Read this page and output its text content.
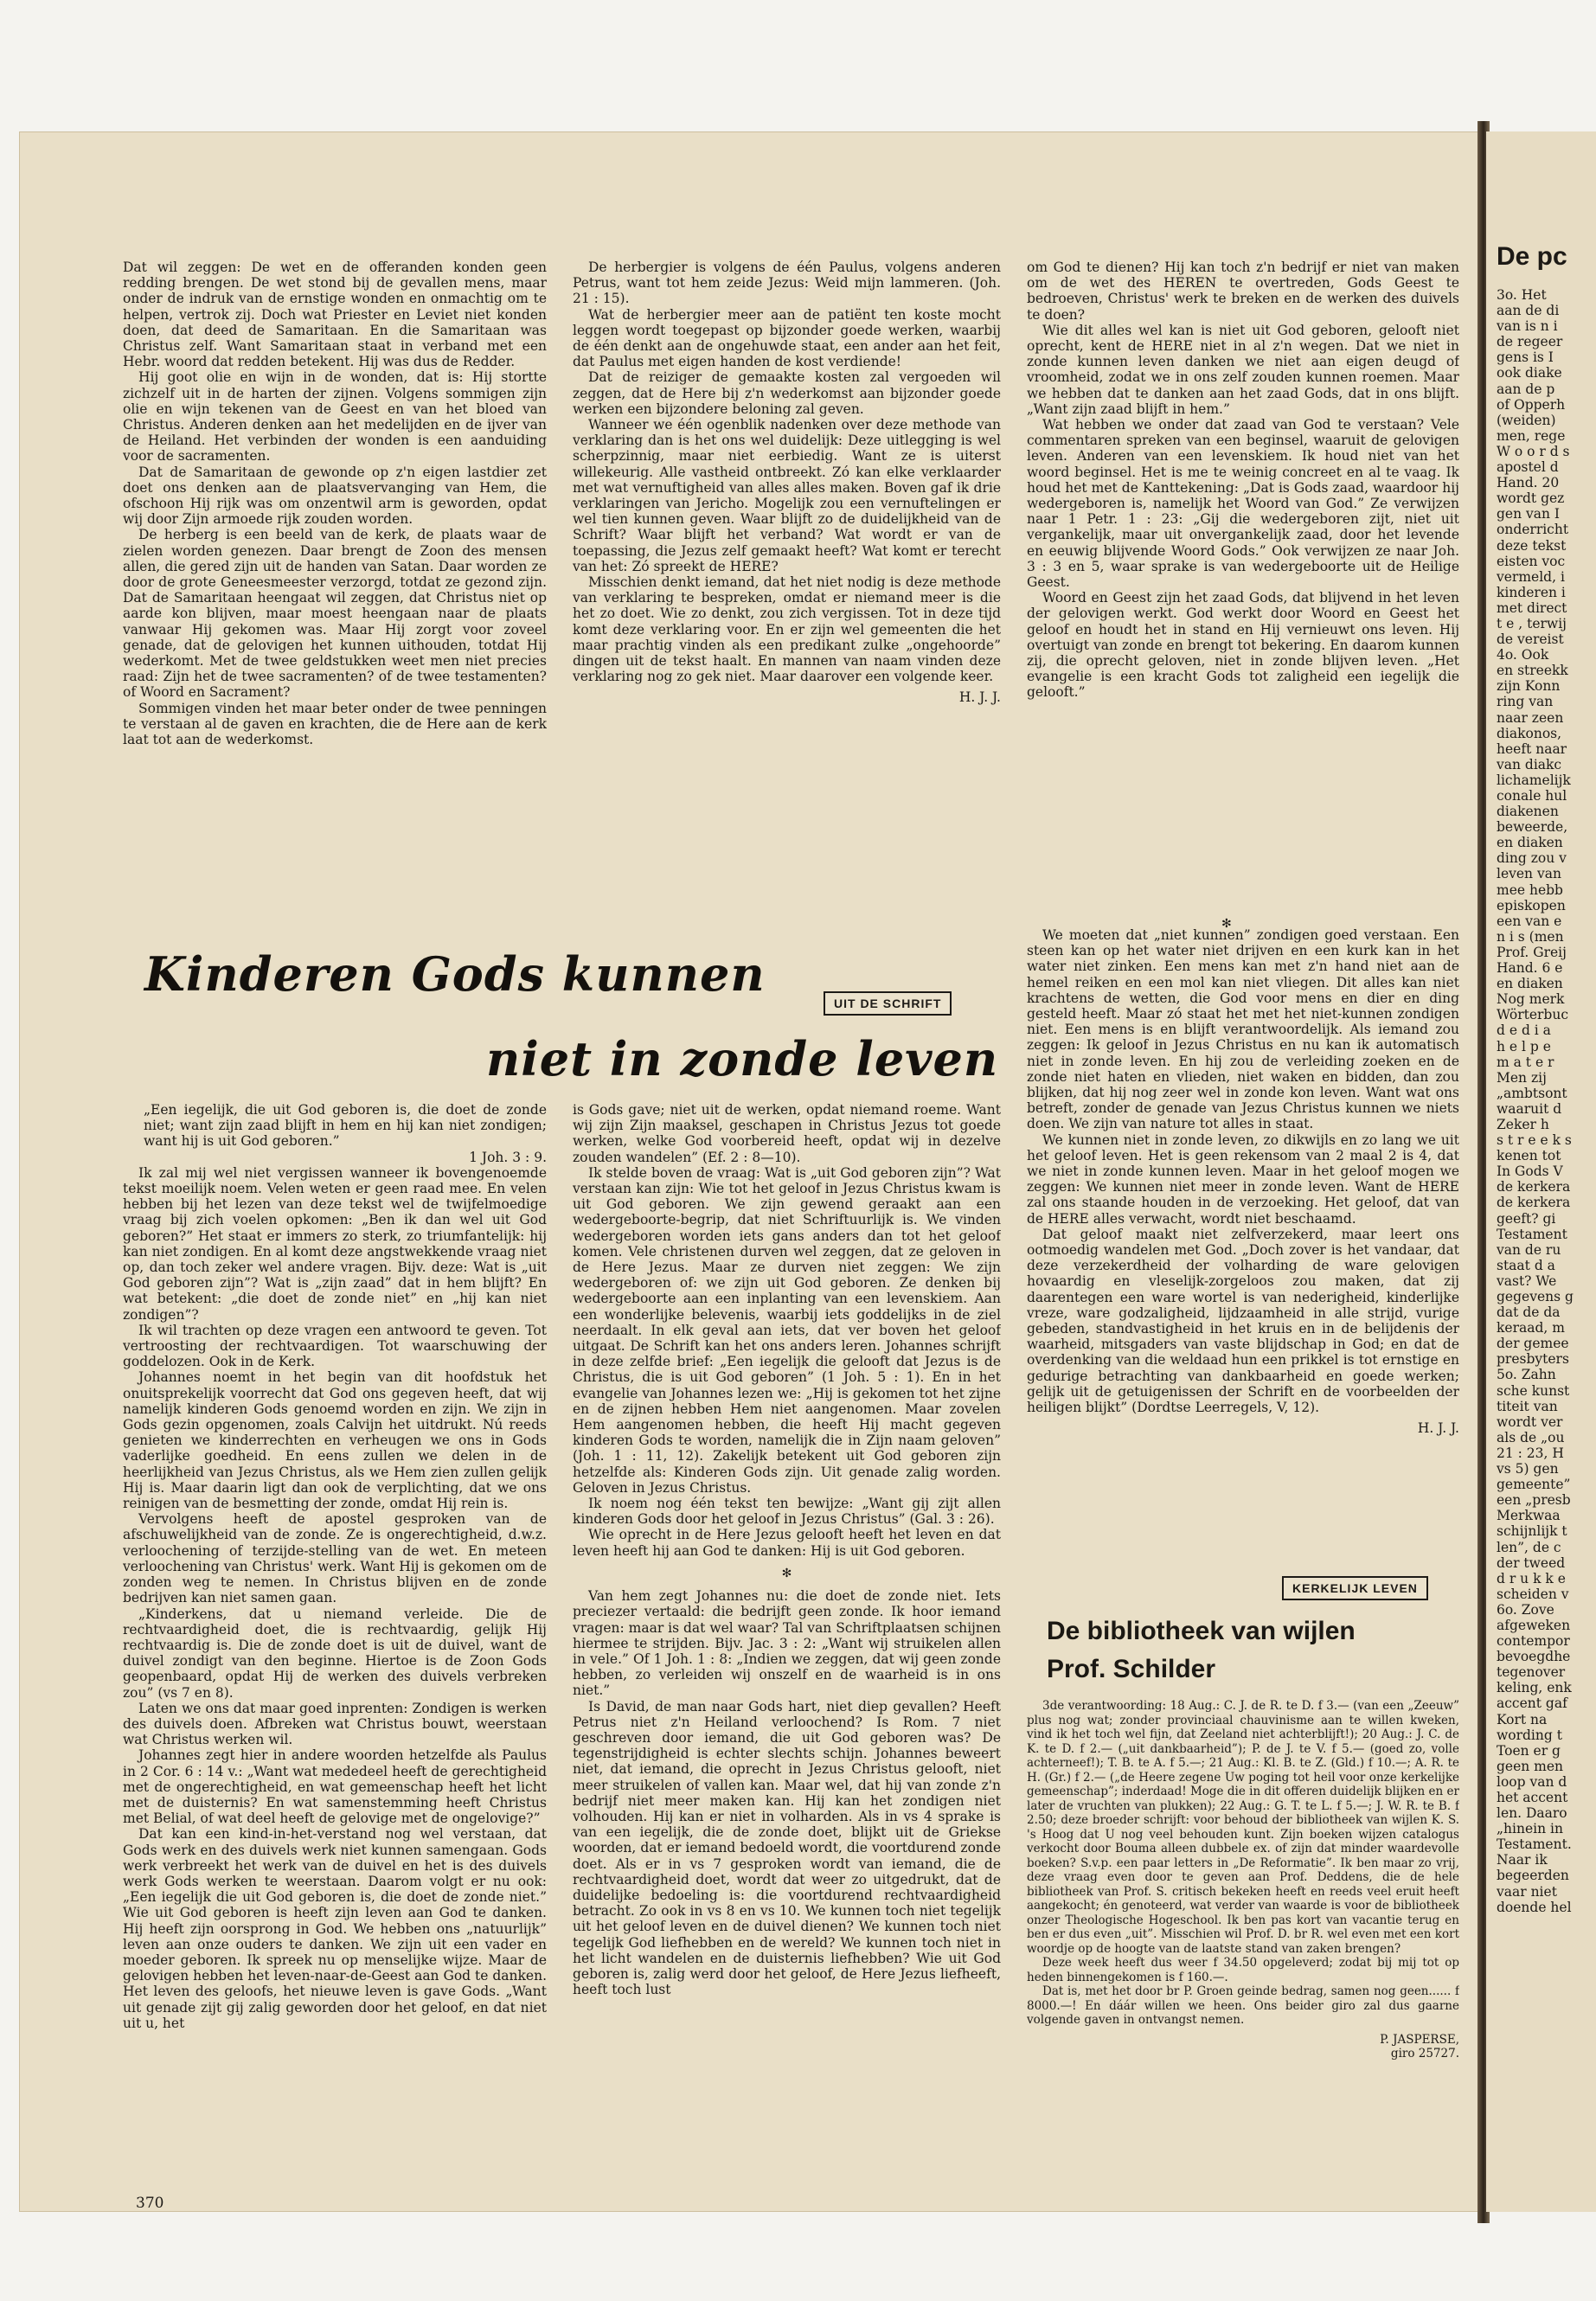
Dat wil zeggen: De wet en de offeranden konden geen redding brengen. De wet stond bij de gevallen mens, maar onder de indruk van de ernstige wonden en onmachtig om te helpen, vertrok zij. Doch wat Priester en Leviet niet konden doen, dat deed de Samaritaan. En die Samaritaan was Christus zelf. Want Samaritaan staat in verband met een Hebr. woord dat redden betekent. Hij was dus de Redder.

Hij goot olie en wijn in de wonden, dat is: Hij stortte zichzelf uit in de harten der zijnen. Volgens sommigen zijn olie en wijn tekenen van de Geest en van het bloed van Christus. Anderen denken aan het medelijden en de ijver van de Heiland. Het verbinden der wonden is een aanduiding voor de sacramenten.

Dat de Samaritaan de gewonde op z'n eigen lastdier zet doet ons denken aan de plaatsvervanging van Hem, die ofschoon Hij rijk was om onzentwil arm is geworden, opdat wij door Zijn armoede rijk zouden worden.

De herberg is een beeld van de kerk, de plaats waar de zielen worden genezen. Daar brengt de Zoon des mensen allen, die gered zijn uit de handen van Satan. Daar worden ze door de grote Geneesmeester verzorgd, totdat ze gezond zijn. Dat de Samaritaan heengaat wil zeggen, dat Christus niet op aarde kon blijven, maar moest heengaan naar de plaats vanwaar Hij gekomen was. Maar Hij zorgt voor zoveel genade, dat de gelovigen het kunnen uithouden, totdat Hij wederkomt. Met de twee geldstukken weet men niet precies raad: Zijn het de twee sacramenten? of de twee testamenten? of Woord en Sacrament?

Sommigen vinden het maar beter onder de twee penningen te verstaan al de gaven en krachten, die de Here aan de kerk laat tot aan de wederkomst.

De herbergier is volgens de één Paulus, volgens anderen Petrus, want tot hem zeide Jezus: Weid mijn lammeren. (Joh. 21 : 15).

Wat de herbergier meer aan de patiënt ten koste mocht leggen wordt toegepast op bijzonder goede werken, waarbij de één denkt aan de ongehuwde staat, een ander aan het feit, dat Paulus met eigen handen de kost verdiende!

Dat de reiziger de gemaakte kosten zal vergoeden wil zeggen, dat de Here bij z'n wederkomst aan bijzonder goede werken een bijzondere beloning zal geven.

Wanneer we één ogenblik nadenken over deze methode van verklaring dan is het ons wel duidelijk: Deze uitlegging is wel scherpzinnig, maar niet eerbiedig. Want ze is uiterst willekeurig. Alle vastheid ontbreekt. Zó kan elke verklaarder met wat vernuftigheid van alles alles maken. Boven gaf ik drie verklaringen van Jericho. Mogelijk zou een vernuftelingen er wel tien kunnen geven. Waar blijft zo de duidelijkheid van de Schrift? Waar blijft het verband? Wat wordt er van de toepassing, die Jezus zelf gemaakt heeft? Wat komt er terecht van het: Zó spreekt de HERE?

Misschien denkt iemand, dat het niet nodig is deze methode van verklaring te bespreken, omdat er niemand meer is die het zo doet. Wie zo denkt, zou zich vergissen. Tot in deze tijd komt deze verklaring voor. En er zijn wel gemeenten die het maar prachtig vinden als een predikant zulke „ongehoorde” dingen uit de tekst haalt. En mannen van naam vinden deze verklaring nog zo gek niet. Maar daarover een volgende keer.

H. J. J.

om God te dienen? Hij kan toch z'n bedrijf er niet van maken om de wet des HEREN te overtreden, Gods Geest te bedroeven, Christus' werk te breken en de werken des duivels te doen?

Wie dit alles wel kan is niet uit God geboren, gelooft niet oprecht, kent de HERE niet in al z'n wegen. Dat we niet in zonde kunnen leven danken we niet aan eigen deugd of vroomheid, zodat we in ons zelf zouden kunnen roemen. Maar we hebben dat te danken aan het zaad Gods, dat in ons blijft. „Want zijn zaad blijft in hem.”

Wat hebben we onder dat zaad van God te verstaan? Vele commentaren spreken van een beginsel, waaruit de gelovigen leven. Anderen van een levenskiem. Ik houd niet van het woord beginsel. Het is me te weinig concreet en al te vaag. Ik houd het met de Kanttekening: „Dat is Gods zaad, waardoor hij wedergeboren is, namelijk het Woord van God.” Ze verwijzen naar 1 Petr. 1 : 23: „Gij die wedergeboren zijt, niet uit vergankelijk, maar uit onvergankelijk zaad, door het levende en eeuwig blijvende Woord Gods.” Ook verwijzen ze naar Joh. 3 : 3 en 5, waar sprake is van wedergeboorte uit de Heilige Geest.

Woord en Geest zijn het zaad Gods, dat blijvend in het leven der gelovigen werkt. God werkt door Woord en Geest het geloof en houdt het in stand en Hij vernieuwt ons leven. Hij overtuigt van zonde en brengt tot bekering. En daarom kunnen zij, die oprecht geloven, niet in zonde blijven leven. „Het evangelie is een kracht Gods tot zaligheid een iegelijk die gelooft.”

✻
Kinderen Gods kunnen
niet in zonde leven
UIT DE SCHRIFT

„Een iegelijk, die uit God geboren is, die doet de zonde niet; want zijn zaad blijft in hem en hij kan niet zondigen; want hij is uit God geboren.”

1 Joh. 3 : 9.

Ik zal mij wel niet vergissen wanneer ik bovengenoemde tekst moeilijk noem. Velen weten er geen raad mee. En velen hebben bij het lezen van deze tekst wel de twijfelmoedige vraag bij zich voelen opkomen: „Ben ik dan wel uit God geboren?” Het staat er immers zo sterk, zo triumfantelijk: hij kan niet zondigen. En al komt deze angstwekkende vraag niet op, dan toch zeker wel andere vragen. Bijv. deze: Wat is „uit God geboren zijn”? Wat is „zijn zaad” dat in hem blijft? En wat betekent: „die doet de zonde niet” en „hij kan niet zondigen”?

Ik wil trachten op deze vragen een antwoord te geven. Tot vertroosting der rechtvaardigen. Tot waarschuwing der goddelozen. Ook in de Kerk.

Johannes noemt in het begin van dit hoofdstuk het onuitsprekelijk voorrecht dat God ons gegeven heeft, dat wij namelijk kinderen Gods genoemd worden en zijn. We zijn in Gods gezin opgenomen, zoals Calvijn het uitdrukt. Nú reeds genieten we kinderrechten en verheugen we ons in Gods vaderlijke goedheid. En eens zullen we delen in de heerlijkheid van Jezus Christus, als we Hem zien zullen gelijk Hij is. Maar daarin ligt dan ook de verplichting, dat we ons reinigen van de besmetting der zonde, omdat Hij rein is.

Vervolgens heeft de apostel gesproken van de afschuwelijkheid van de zonde. Ze is ongerechtigheid, d.w.z. verloochening of terzijde-stelling van de wet. En meteen verloochening van Christus' werk. Want Hij is gekomen om de zonden weg te nemen. In Christus blijven en de zonde bedrijven kan niet samen gaan.

„Kinderkens, dat u niemand verleide. Die de rechtvaardigheid doet, die is rechtvaardig, gelijk Hij rechtvaardig is. Die de zonde doet is uit de duivel, want de duivel zondigt van den beginne. Hiertoe is de Zoon Gods geopenbaard, opdat Hij de werken des duivels verbreken zou” (vs 7 en 8).

Laten we ons dat maar goed inprenten: Zondigen is werken des duivels doen. Afbreken wat Christus bouwt, weerstaan wat Christus werken wil.

Johannes zegt hier in andere woorden hetzelfde als Paulus in 2 Cor. 6 : 14 v.: „Want wat mededeel heeft de gerechtigheid met de ongerechtigheid, en wat gemeenschap heeft het licht met de duisternis? En wat samenstemming heeft Christus met Belial, of wat deel heeft de gelovige met de ongelovige?”

Dat kan een kind-in-het-verstand nog wel verstaan, dat Gods werk en des duivels werk niet kunnen samengaan. Gods werk verbreekt het werk van de duivel en het is des duivels werk Gods werken te weerstaan. Daarom volgt er nu ook: „Een iegelijk die uit God geboren is, die doet de zonde niet.” Wie uit God geboren is heeft zijn leven aan God te danken. Hij heeft zijn oorsprong in God. We hebben ons „natuurlijk” leven aan onze ouders te danken. We zijn uit een vader en moeder geboren. Ik spreek nu op menselijke wijze. Maar de gelovigen hebben het leven-naar-de-Geest aan God te danken. Het leven des geloofs, het nieuwe leven is gave Gods. „Want uit genade zijt gij zalig geworden door het geloof, en dat niet uit u, het

is Gods gave; niet uit de werken, opdat niemand roeme. Want wij zijn Zijn maaksel, geschapen in Christus Jezus tot goede werken, welke God voorbereid heeft, opdat wij in dezelve zouden wandelen” (Ef. 2 : 8—10).

Ik stelde boven de vraag: Wat is „uit God geboren zijn”? Wat verstaan kan zijn: Wie tot het geloof in Jezus Christus kwam is uit God geboren. We zijn gewend geraakt aan een wedergeboorte-begrip, dat niet Schriftuurlijk is. We vinden wedergeboren worden iets gans anders dan tot het geloof komen. Vele christenen durven wel zeggen, dat ze geloven in de Here Jezus. Maar ze durven niet zeggen: We zijn wedergeboren of: we zijn uit God geboren. Ze denken bij wedergeboorte aan een inplanting van een levenskiem. Aan een wonderlijke belevenis, waarbij iets goddelijks in de ziel neerdaalt. In elk geval aan iets, dat ver boven het geloof uitgaat. De Schrift kan het ons anders leren. Johannes schrijft in deze zelfde brief: „Een iegelijk die gelooft dat Jezus is de Christus, die is uit God geboren” (1 Joh. 5 : 1). En in het evangelie van Johannes lezen we: „Hij is gekomen tot het zijne en de zijnen hebben Hem niet aangenomen. Maar zovelen Hem aangenomen hebben, die heeft Hij macht gegeven kinderen Gods te worden, namelijk die in Zijn naam geloven” (Joh. 1 : 11, 12). Zakelijk betekent uit God geboren zijn hetzelfde als: Kinderen Gods zijn. Uit genade zalig worden. Geloven in Jezus Christus.

Ik noem nog één tekst ten bewijze: „Want gij zijt allen kinderen Gods door het geloof in Jezus Christus” (Gal. 3 : 26).

Wie oprecht in de Here Jezus gelooft heeft het leven en dat leven heeft hij aan God te danken: Hij is uit God geboren.

✻

Van hem zegt Johannes nu: die doet de zonde niet. Iets preciezer vertaald: die bedrijft geen zonde. Ik hoor iemand vragen: maar is dat wel waar? Tal van Schriftplaatsen schijnen hiermee te strijden. Bijv. Jac. 3 : 2: „Want wij struikelen allen in vele.” Of 1 Joh. 1 : 8: „Indien we zeggen, dat wij geen zonde hebben, zo verleiden wij onszelf en de waarheid is in ons niet.”

Is David, de man naar Gods hart, niet diep gevallen? Heeft Petrus niet z'n Heiland verloochend? Is Rom. 7 niet geschreven door iemand, die uit God geboren was? De tegenstrijdigheid is echter slechts schijn. Johannes beweert niet, dat iemand, die oprecht in Jezus Christus gelooft, niet meer struikelen of vallen kan. Maar wel, dat hij van zonde z'n bedrijf niet meer maken kan. Hij kan het zondigen niet volhouden. Hij kan er niet in volharden. Als in vs 4 sprake is van een iegelijk, die de zonde doet, blijkt uit de Griekse woorden, dat er iemand bedoeld wordt, die voortdurend zonde doet. Als er in vs 7 gesproken wordt van iemand, die de rechtvaardigheid doet, wordt dat weer zo uitgedrukt, dat de duidelijke bedoeling is: die voortdurend rechtvaardigheid betracht. Zo ook in vs 8 en vs 10. We kunnen toch niet tegelijk uit het geloof leven en de duivel dienen? We kunnen toch niet tegelijk God liefhebben en de wereld? We kunnen toch niet in het licht wandelen en de duisternis liefhebben? Wie uit God geboren is, zalig werd door het geloof, de Here Jezus liefheeft, heeft toch lust

We moeten dat „niet kunnen” zondigen goed verstaan. Een steen kan op het water niet drijven en een kurk kan in het water niet zinken. Een mens kan met z'n hand niet aan de hemel reiken en een mol kan niet vliegen. Dit alles kan niet krachtens de wetten, die God voor mens en dier en ding gesteld heeft. Maar zó staat het met het niet-kunnen zondigen niet. Een mens is en blijft verantwoordelijk. Als iemand zou zeggen: Ik geloof in Jezus Christus en nu kan ik automatisch niet in zonde leven. En hij zou de verleiding zoeken en de zonde niet haten en vlieden, niet waken en bidden, dan zou blijken, dat hij nog zeer wel in zonde kon leven. Want wat ons betreft, zonder de genade van Jezus Christus kunnen we niets doen. We zijn van nature tot alles in staat.

We kunnen niet in zonde leven, zo dikwijls en zo lang we uit het geloof leven. Het is geen rekensom van 2 maal 2 is 4, dat we niet in zonde kunnen leven. Maar in het geloof mogen we zeggen: We kunnen niet meer in zonde leven. Want de HERE zal ons staande houden in de verzoeking. Het geloof, dat van de HERE alles verwacht, wordt niet beschaamd.

Dat geloof maakt niet zelfverzekerd, maar leert ons ootmoedig wandelen met God. „Doch zover is het vandaar, dat deze verzekerdheid der volharding de ware gelovigen hovaardig en vleselijk-zorgeloos zou maken, dat zij daarentegen een ware wortel is van nederigheid, kinderlijke vreze, ware godzaligheid, lijdzaamheid in alle strijd, vurige gebeden, standvastigheid in het kruis en in de belijdenis der waarheid, mitsgaders van vaste blijdschap in God; en dat de overdenking van die weldaad hun een prikkel is tot ernstige en gedurige betrachting van dankbaarheid en goede werken; gelijk uit de getuigenissen der Schrift en de voorbeelden der heiligen blijkt” (Dordtse Leerregels, V, 12).

H. J. J.

KERKELIJK LEVEN
De bibliotheek van wijlen
Prof. Schilder

3de verantwoording: 18 Aug.: C. J. de R. te D. f 3.— (van een „Zeeuw” plus nog wat; zonder provinciaal chauvinisme aan te willen kweken, vind ik het toch wel fijn, dat Zeeland niet achterblijft!); 20 Aug.: J. C. de K. te D. f 2.— („uit dankbaarheid”); P. de J. te V. f 5.— (goed zo, volle achterneef!); T. B. te A. f 5.—; 21 Aug.: Kl. B. te Z. (Gld.) f 10.—; A. R. te H. (Gr.) f 2.— („de Heere zegene Uw poging tot heil voor onze kerkelijke gemeenschap”; inderdaad! Moge die in dit offeren duidelijk blijken en er later de vruchten van plukken); 22 Aug.: G. T. te L. f 5.—; J. W. R. te B. f 2.50; deze broeder schrijft: voor behoud der bibliotheek van wijlen K. S. 's Hoog dat U nog veel behouden kunt. Zijn boeken wijzen catalogus verkocht door Bouma alleen dubbele ex. of zijn dat minder waardevolle boeken? S.v.p. een paar letters in „De Reformatie”. Ik ben maar zo vrij, deze vraag even door te geven aan Prof. Deddens, die de hele bibliotheek van Prof. S. critisch bekeken heeft en reeds veel eruit heeft aangekocht; én genoteerd, wat verder van waarde is voor de bibliotheek onzer Theologische Hogeschool. Ik ben pas kort van vacantie terug en ben er dus even „uit”. Misschien wil Prof. D. br R. wel even met een kort woordje op de hoogte van de laatste stand van zaken brengen?

Deze week heeft dus weer f 34.50 opgeleverd; zodat bij mij tot op heden binnengekomen is f 160.—.

Dat is, met het door br P. Groen geinde bedrag, samen nog geen...... f 8000.—! En dáár willen we heen. Ons beider giro zal dus gaarne volgende gaven in ontvangst nemen.

P. JASPERSE,

giro 25727.

370
De pc
3o. Het
aan de di
van is n i
de regeer
gens is I
ook diake
aan de p
of Opperh
(weiden)
men, rege
W o o r d s
apostel d
Hand. 20
wordt gez
gen van I
onderricht
deze tekst
eisten voc
vermeld, i
kinderen i
met direct
t e , terwij
de vereist
4o. Ook
en streekk
zijn Konn
ring van
naar zeen
diakonos,
heeft naar
van diakc
lichamelijk
conale hul
diakenen
beweerde,
en diaken
ding zou v
leven van
mee hebb
episkopen
een van e
n i s (men
Prof. Greij
Hand. 6 e
en diaken
Nog merk
Wörterbuc
d e d i a
h e l p e
m a t e r
Men zij
„ambtsont
waaruit d
Zeker h
s t r e e k s
kenen tot
In Gods V
de kerkera
de kerkera
geeft? gi
Testament
van de ru
staat d a
vast? We
gegevens g
dat de da
keraad, m
der gemee
presbyters
5o. Zahn
sche kunst
titeit van
wordt ver
als de „ou
21 : 23, H
vs 5) gen
gemeente”
een „presb
Merkwaa
schijnlijk t
len”, de c
der tweed
d r u k k e
scheiden v
6o. Zove
afgeweken
contempor
bevoegdhe
tegenover
keling, enk
accent gaf
Kort na
wording t
Toen er g
geen men
loop van d
het accent
len. Daaro
„hinein in
Testament.
Naar ik
begeerden
vaar niet
doende hel
